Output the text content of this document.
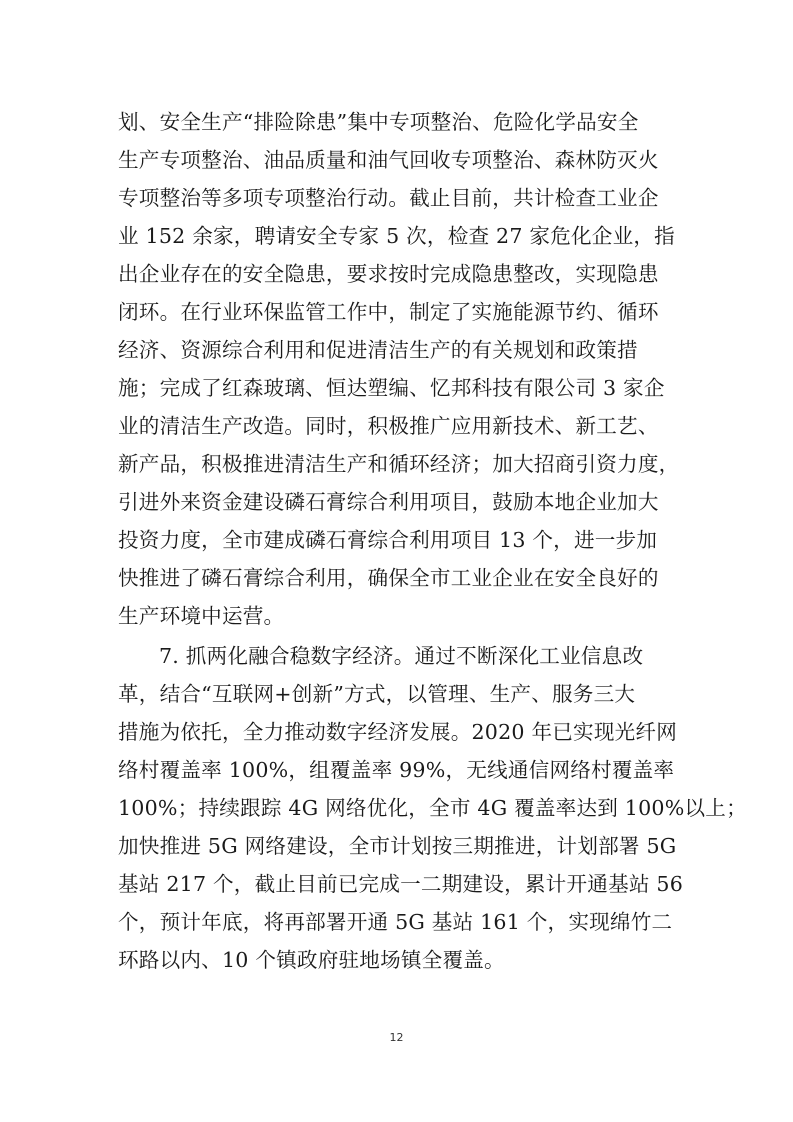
划、安全生产“排险除患”集中专项整治、危险化学品安全
生产专项整治、油品质量和油气回收专项整治、森林防灭火
专项整治等多项专项整治行动。截止目前，共计检查工业企
业 152 余家，聘请安全专家 5 次，检查 27 家危化企业，指
出企业存在的安全隐患，要求按时完成隐患整改，实现隐患
闭环。在行业环保监管工作中，制定了实施能源节约、循环
经济、资源综合利用和促进清洁生产的有关规划和政策措
施；完成了红森玻璃、恒达塑编、忆邦科技有限公司 3 家企
业的清洁生产改造。同时，积极推广应用新技术、新工艺、
新产品，积极推进清洁生产和循环经济；加大招商引资力度，
引进外来资金建设磷石膏综合利用项目，鼓励本地企业加大
投资力度，全市建成磷石膏综合利用项目 13 个，进一步加
快推进了磷石膏综合利用，确保全市工业企业在安全良好的
生产环境中运营。
7. 抓两化融合稳数字经济。通过不断深化工业信息改
革，结合“互联网+创新”方式，以管理、生产、服务三大
措施为依托，全力推动数字经济发展。2020 年已实现光纤网
络村覆盖率 100%，组覆盖率 99%，无线通信网络村覆盖率
100%；持续跟踪 4G 网络优化，全市 4G 覆盖率达到 100%以上；
加快推进 5G 网络建设，全市计划按三期推进，计划部署 5G
基站 217 个，截止目前已完成一二期建设，累计开通基站 56
个，预计年底，将再部署开通 5G 基站 161 个，实现绵竹二
环路以内、10 个镇政府驻地场镇全覆盖。
12
